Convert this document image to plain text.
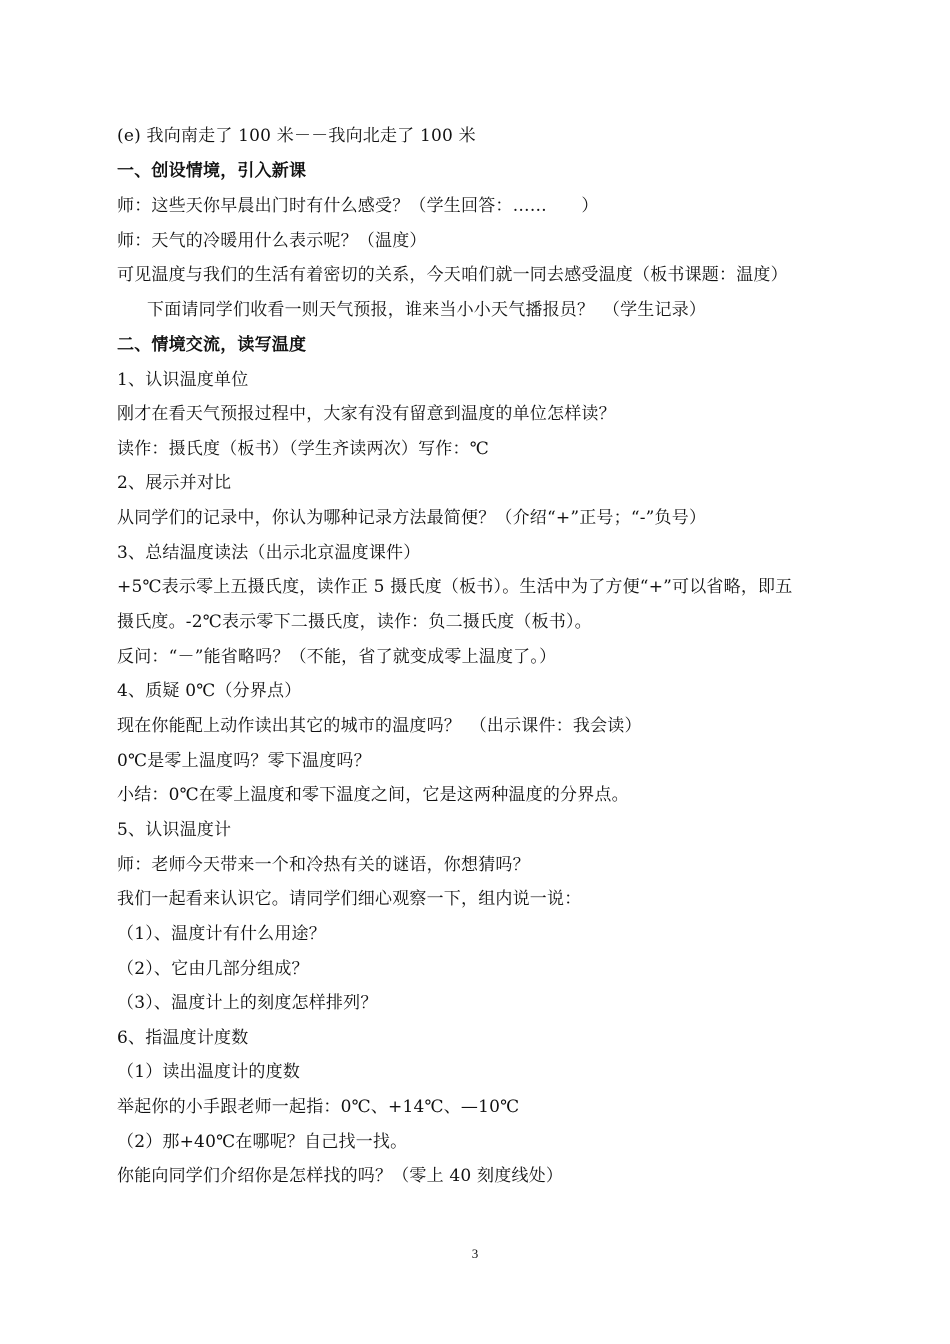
(e) 我向南走了 100 米－－我向北走了 100 米
一、创设情境，引入新课
师：这些天你早晨出门时有什么感受？（学生回答：……　　）
师：天气的冷暖用什么表示呢？（温度）
可见温度与我们的生活有着密切的关系，今天咱们就一同去感受温度（板书课题：温度）
下面请同学们收看一则天气预报，谁来当小小天气播报员？　（学生记录）
二、情境交流，读写温度
1、认识温度单位
刚才在看天气预报过程中，大家有没有留意到温度的单位怎样读？
读作：摄氏度（板书）（学生齐读两次）写作：℃
2、展示并对比
从同学们的记录中，你认为哪种记录方法最简便？（介绍“+”正号；“-”负号）
3、总结温度读法（出示北京温度课件）
+5℃表示零上五摄氏度，读作正 5 摄氏度（板书）。生活中为了方便“+”可以省略，即五
摄氏度。-2℃表示零下二摄氏度，读作：负二摄氏度（板书）。
反问：“－”能省略吗？（不能，省了就变成零上温度了。）
4、质疑 0℃（分界点）
现在你能配上动作读出其它的城市的温度吗？　（出示课件：我会读）
0℃是零上温度吗？零下温度吗？
小结：0℃在零上温度和零下温度之间，它是这两种温度的分界点。
5、认识温度计
师：老师今天带来一个和冷热有关的谜语，你想猜吗？
我们一起看来认识它。请同学们细心观察一下，组内说一说：
（1）、温度计有什么用途？
（2）、它由几部分组成？
（3）、温度计上的刻度怎样排列？
6、指温度计度数
（1）读出温度计的度数
举起你的小手跟老师一起指：0℃、+14℃、—10℃
（2）那+40℃在哪呢？自己找一找。
你能向同学们介绍你是怎样找的吗？（零上 40 刻度线处）
3
